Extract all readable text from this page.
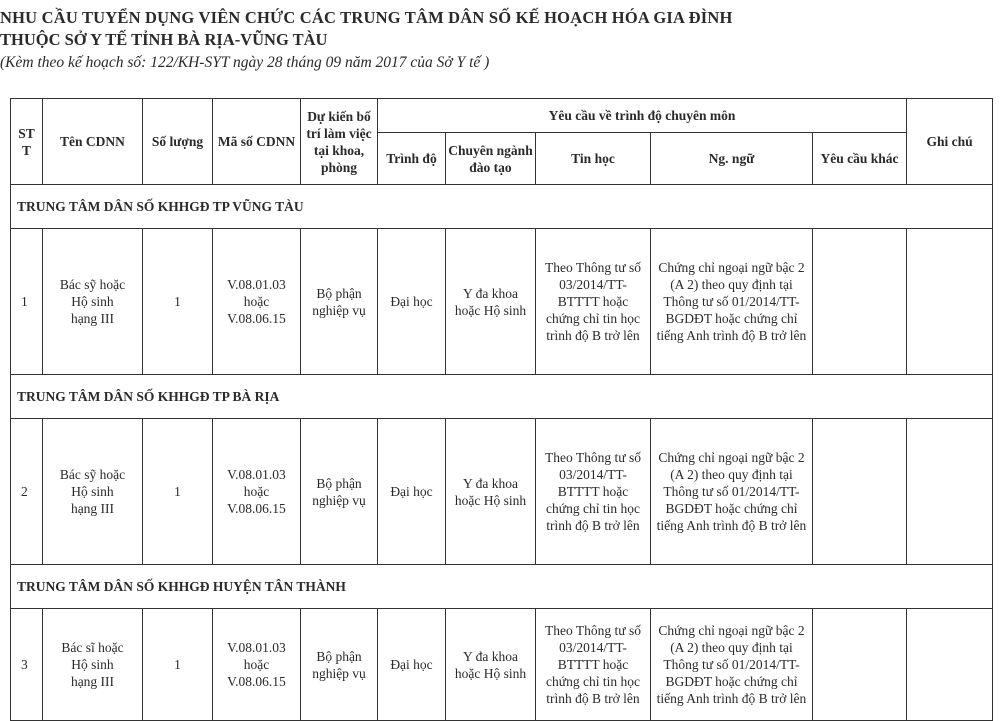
NHU CẦU TUYỂN DỤNG VIÊN CHỨC CÁC TRUNG TÂM DÂN SỐ KẾ HOẠCH HÓA GIA ĐÌNH
THUỘC SỞ Y TẾ TỈNH BÀ RỊA-VŨNG TÀU
(Kèm theo kế hoạch số: 122/KH-SYT ngày 28 tháng 09 năm 2017 của Sở Y tế )
ST
T	Tên CDNN	Số lượng	Mã số CDNN	Dự kiến bố trí làm việc tại khoa, phòng	Yêu cầu về trình độ chuyên môn					Ghi chú
					Trình độ	Chuyên ngành đào tạo	Tin học	Ng. ngữ	Yêu cầu khác	
TRUNG TÂM DÂN SỐ KHHGĐ TP VŨNG TÀU										
1	Bác sỹ hoặc
Hộ sinh
hạng III	1	V.08.01.03
hoặc
V.08.06.15	Bộ phận
nghiệp vụ	Đại học	Y đa khoa
hoặc Hộ sinh	Theo Thông tư số
03/2014/TT-
BTTTT hoặc
chứng chỉ tin học
trình độ B trở lên	Chứng chỉ ngoại ngữ bậc 2
(A 2) theo quy định tại
Thông tư số 01/2014/TT-
BGDĐT hoặc chứng chỉ
tiếng Anh trình độ B trở lên		
TRUNG TÂM DÂN SỐ KHHGĐ TP BÀ RỊA										
2	Bác sỹ hoặc
Hộ sinh
hạng III	1	V.08.01.03
hoặc
V.08.06.15	Bộ phận
nghiệp vụ	Đại học	Y đa khoa
hoặc Hộ sinh	Theo Thông tư số
03/2014/TT-
BTTTT hoặc
chứng chỉ tin học
trình độ B trở lên	Chứng chỉ ngoại ngữ bậc 2
(A 2) theo quy định tại
Thông tư số 01/2014/TT-
BGDĐT hoặc chứng chỉ
tiếng Anh trình độ B trở lên		
TRUNG TÂM DÂN SỐ KHHGĐ HUYỆN TÂN THÀNH										
3	Bác sĩ hoặc
Hộ sinh
hạng III	1	V.08.01.03
hoặc
V.08.06.15	Bộ phận
nghiệp vụ	Đại học	Y đa khoa
hoặc Hộ sinh	Theo Thông tư số
03/2014/TT-
BTTTT hoặc
chứng chỉ tin học
trình độ B trở lên	Chứng chỉ ngoại ngữ bậc 2
(A 2) theo quy định tại
Thông tư số 01/2014/TT-
BGDĐT hoặc chứng chỉ
tiếng Anh trình độ B trở lên		
